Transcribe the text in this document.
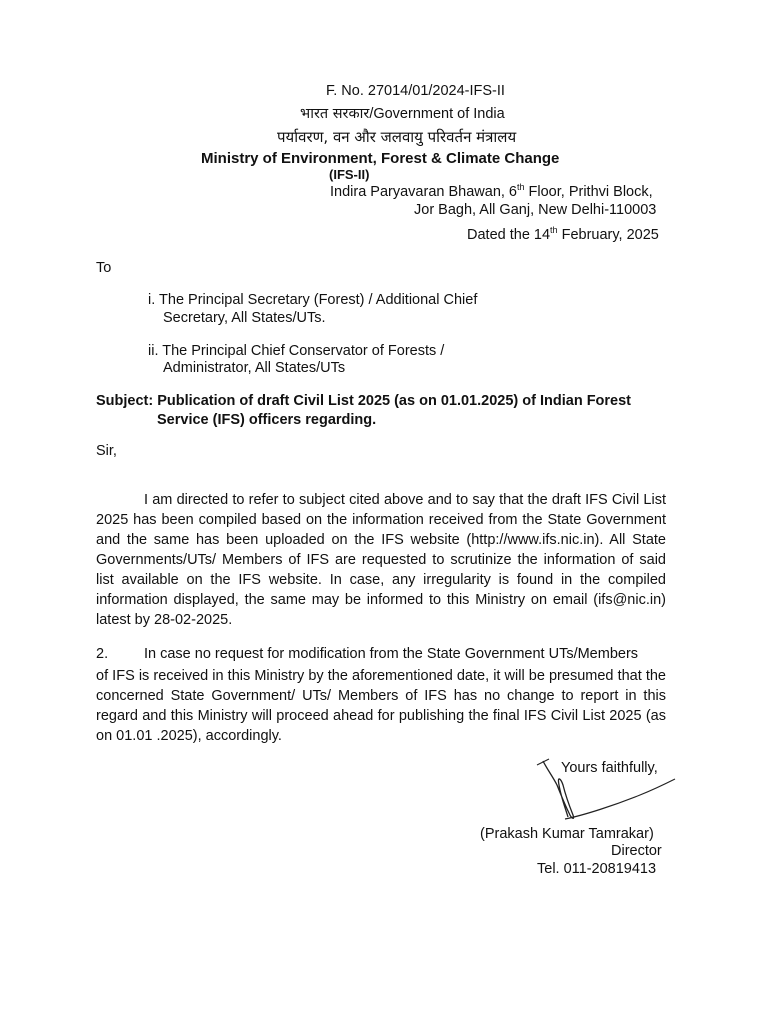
F. No. 27014/01/2024-IFS-II
भारत सरकार/Government of India
पर्यावरण, वन और जलवायु परिवर्तन मंत्रालय
Ministry of Environment, Forest & Climate Change
(IFS-II)
Indira Paryavaran Bhawan, 6th Floor, Prithvi Block,
Jor Bagh, All Ganj, New Delhi-110003
Dated the 14th February, 2025
To
i. The Principal Secretary (Forest) / Additional Chief
Secretary, All States/UTs.
ii. The Principal Chief Conservator of Forests /
Administrator, All States/UTs
Subject: Publication of draft Civil List 2025 (as on 01.01.2025) of Indian Forest
Service (IFS) officers regarding.
Sir,
I am directed to refer to subject cited above and to say that the draft IFS Civil List 2025 has been compiled based on the information received from the State Government and the same has been uploaded on the IFS website (http://www.ifs.nic.in). All State Governments/UTs/ Members of IFS are requested to scrutinize the information of said list available on the IFS website. In case, any irregularity is found in the compiled information displayed, the same may be informed to this Ministry on email (ifs@nic.in) latest by 28-02-2025.
2. In case no request for modification from the State Government UTs/Members
of IFS is received in this Ministry by the aforementioned date, it will be presumed that the concerned State Government/ UTs/ Members of IFS has no change to report in this regard and this Ministry will proceed ahead for publishing the final IFS Civil List 2025 (as on 01.01 .2025), accordingly.
Yours faithfully,
(Prakash Kumar Tamrakar)
Director
Tel. 011-20819413
